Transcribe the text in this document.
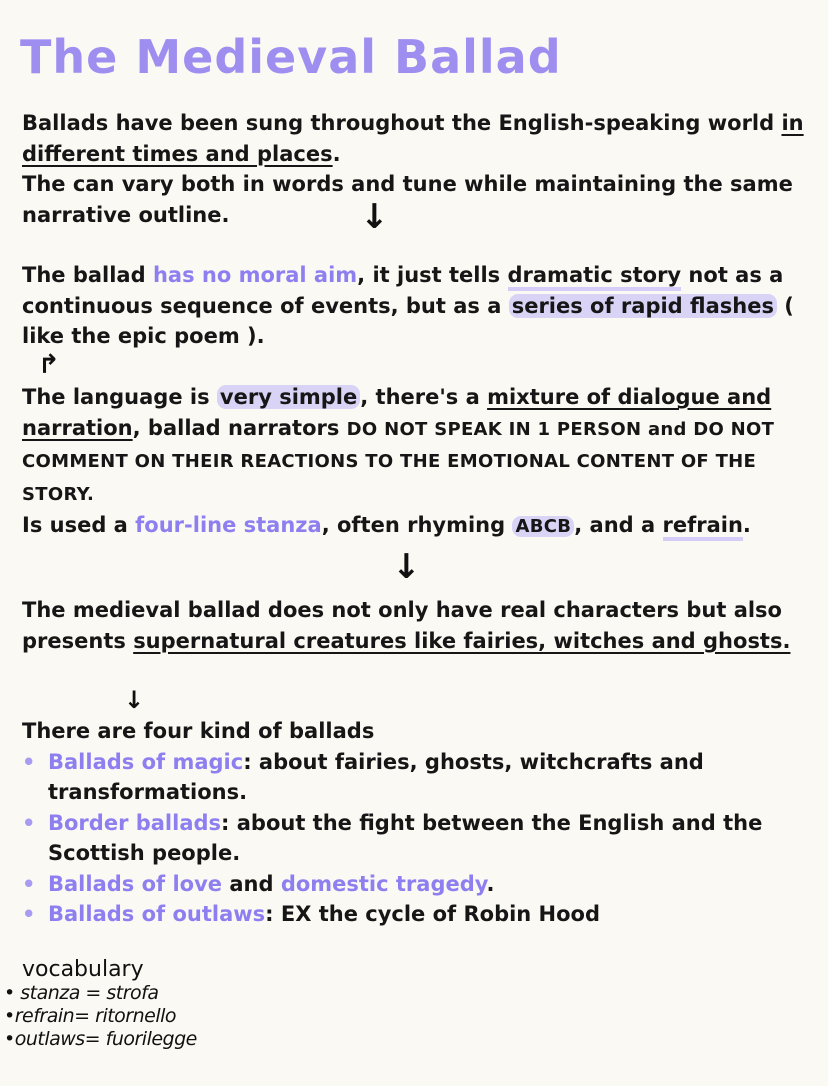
The Medieval Ballad
Ballads have been sung throughout the English-speaking world in different times and places.
The can vary both in words and tune while maintaining the same narrative outline.	↓
The ballad has no moral aim, it just tells dramatic story not as a continuous sequence of events, but as a series of rapid flashes ( like the epic poem ).
↱
The language is very simple , there's a mixture of dialogue and narration, ballad narrators DO NOT SPEAK IN 1 PERSON and DO NOT COMMENT ON THEIR REACTIONS TO THE EMOTIONAL CONTENT OF THE STORY.
Is used a four-line stanza, often rhyming ABCB , and a refrain.
↓
The medieval ballad does not only have real characters but also presents supernatural creatures like fairies, witches and ghosts.
↓
There are four kind of ballads
• Ballads of magic: about fairies, ghosts, witchcrafts and transformations.
• Border ballads: about the fight between the English and the Scottish people.
• Ballads of love and domestic tragedy.
• Ballads of outlaws: EX the cycle of Robin Hood
vocabulary
• stanza = strofa
•refrain= ritornello
•outlaws= fuorilegge
